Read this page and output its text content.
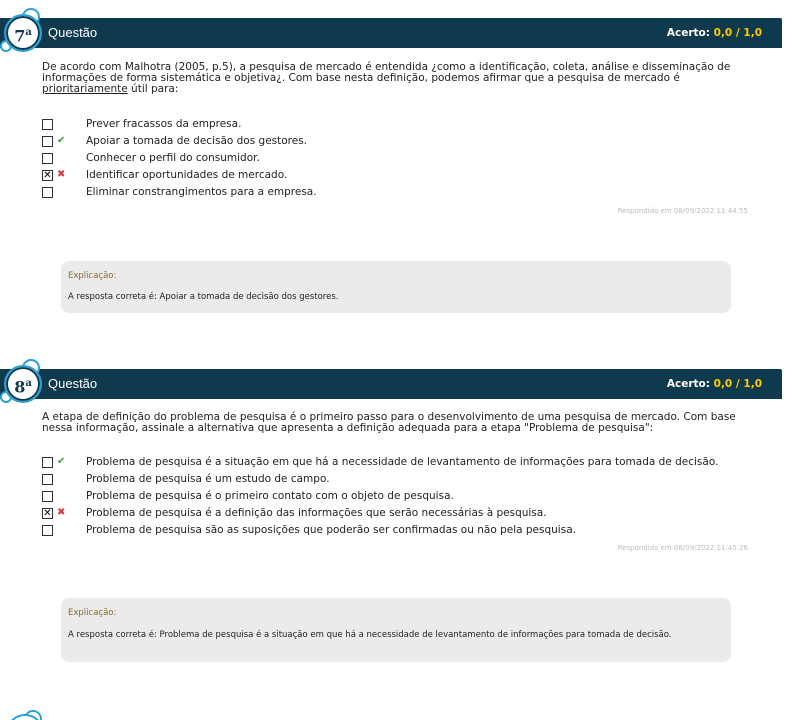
Questão	Acerto: 0,0 / 1,0
7$^a$
De acordo com Malhotra (2005, p.5), a pesquisa de mercado é entendida ¿como a identificação, coleta, análise e disseminação de informações de forma sistemática e objetiva¿. Com base nesta definição, podemos afirmar que a pesquisa de mercado é prioritariamente útil para:
Prever fracassos da empresa.
✔ Apoiar a tomada de decisão dos gestores.
Conhecer o perfil do consumidor.
✕ ✖ Identificar oportunidades de mercado.
Eliminar constrangimentos para a empresa.
Respondido em 08/09/2022 11:44:55
Explicação:
A resposta correta é: Apoiar a tomada de decisão dos gestores.
Questão	Acerto: 0,0 / 1,0
8$^a$
A etapa de definição do problema de pesquisa é o primeiro passo para o desenvolvimento de uma pesquisa de mercado. Com base nessa informação, assinale a alternativa que apresenta a definição adequada para a etapa "Problema de pesquisa":
✔ Problema de pesquisa é a situação em que há a necessidade de levantamento de informações para tomada de decisão.
Problema de pesquisa é um estudo de campo.
Problema de pesquisa é o primeiro contato com o objeto de pesquisa.
✕ ✖ Problema de pesquisa é a definição das informações que serão necessárias à pesquisa.
Problema de pesquisa são as suposições que poderão ser confirmadas ou não pela pesquisa.
Respondido em 08/09/2022 11:45:26
Explicação:
A resposta correta é: Problema de pesquisa é a situação em que há a necessidade de levantamento de informações para tomada de decisão.
